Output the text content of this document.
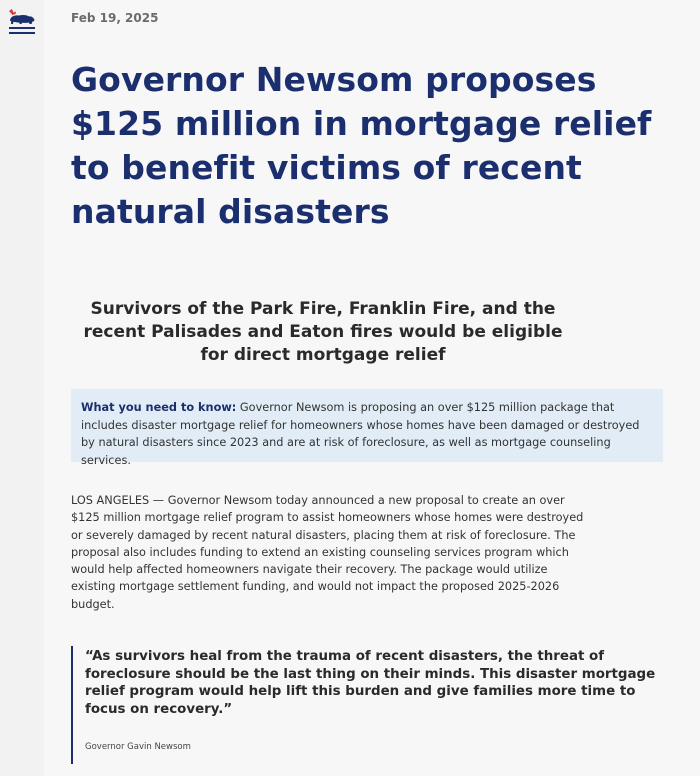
Feb 19, 2025
Governor Newsom proposes $125 million in mortgage relief to benefit victims of recent natural disasters
Survivors of the Park Fire, Franklin Fire, and the recent Palisades and Eaton fires would be eligible for direct mortgage relief
What you need to know: Governor Newsom is proposing an over $125 million package that includes disaster mortgage relief for homeowners whose homes have been damaged or destroyed by natural disasters since 2023 and are at risk of foreclosure, as well as mortgage counseling services.

LOS ANGELES — Governor Newsom today announced a new proposal to create an over $125 million mortgage relief program to assist homeowners whose homes were destroyed or severely damaged by recent natural disasters, placing them at risk of foreclosure. The proposal also includes funding to extend an existing counseling services program which would help affected homeowners navigate their recovery. The package would utilize existing mortgage settlement funding, and would not impact the proposed 2025-2026 budget.

“As survivors heal from the trauma of recent disasters, the threat of foreclosure should be the last thing on their minds. This disaster mortgage relief program would help lift this burden and give families more time to focus on recovery.”

Governor Gavin Newsom
